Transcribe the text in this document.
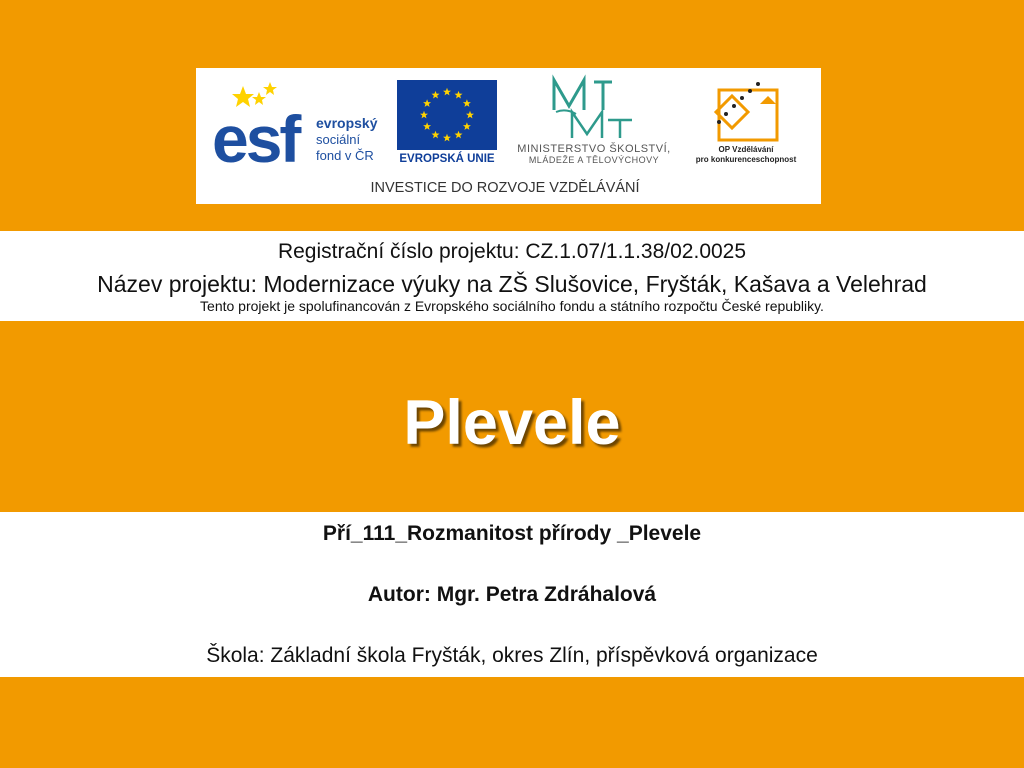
esf evropský
sociální
fond v ČR EVROPSKÁ UNIE
MINISTERSTVO ŠKOLSTVÍ,
MLÁDEŽE A TĚLOVÝCHOVY
OP Vzdělávání
pro konkurenceschopnost
INVESTICE DO ROZVOJE VZDĚLÁVÁNÍ
Registrační číslo projektu: CZ.1.07/1.1.38/02.0025
Název projektu: Modernizace výuky na ZŠ Slušovice, Fryšták, Kašava a Velehrad
Tento projekt je spolufinancován z Evropského sociálního fondu a státního rozpočtu České republiky.
Plevele
Pří_111_Rozmanitost přírody _Plevele
Autor: Mgr. Petra Zdráhalová
Škola: Základní škola Fryšták, okres Zlín, příspěvková organizace
